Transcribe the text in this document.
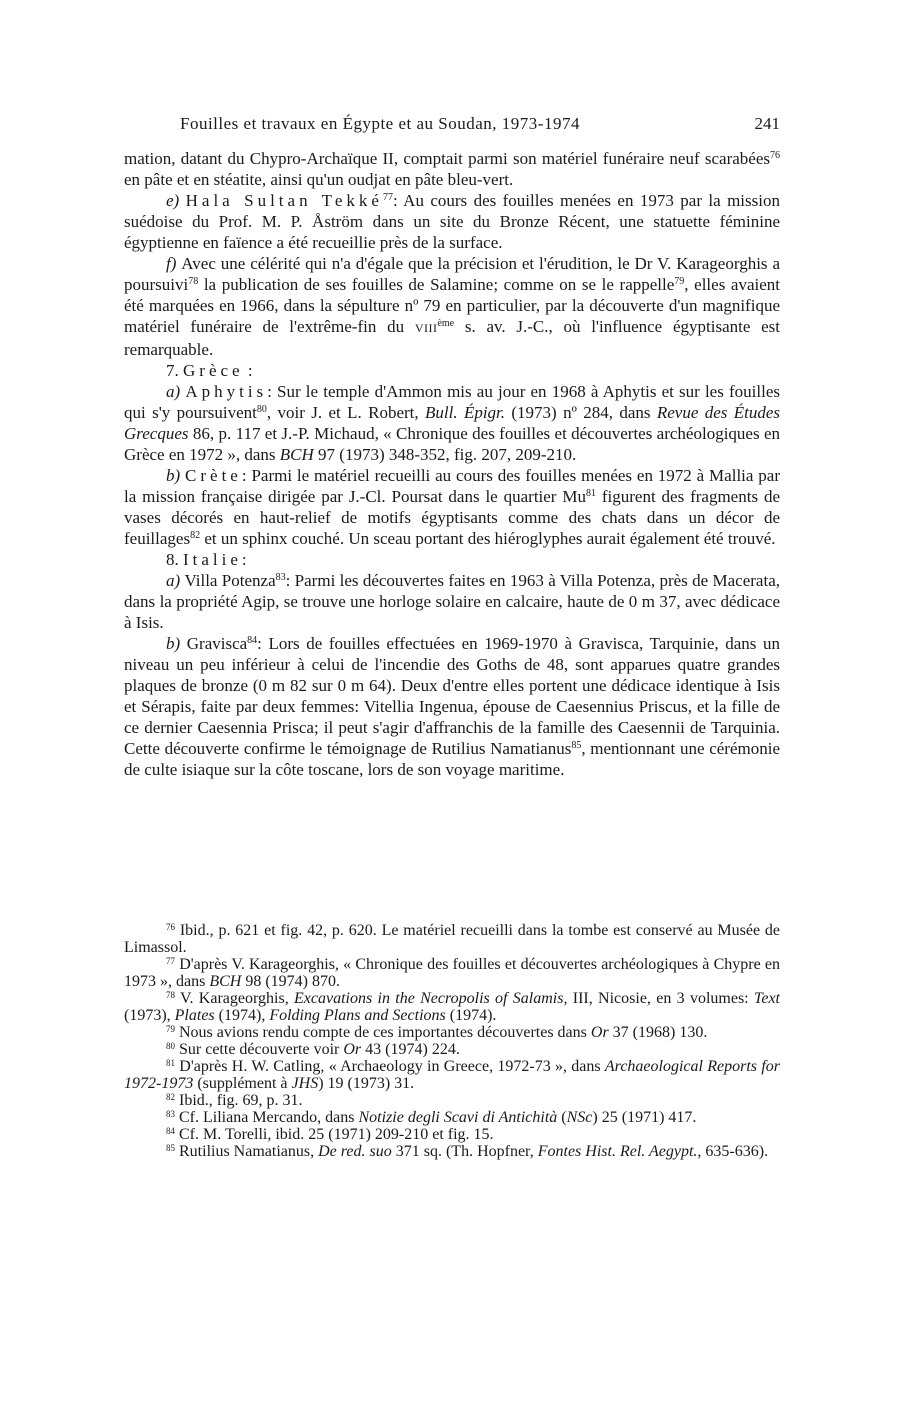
Fouilles et travaux en Égypte et au Soudan, 1973-1974	241

mation, datant du Chypro-Archaïque II, comptait parmi son matériel funéraire neuf scarabées$^{76}$ en pâte et en stéatite, ainsi qu'un oudjat en pâte bleu-vert.

e) Hala Sultan Tekké$^{77}$: Au cours des fouilles menées en 1973 par la mission suédoise du Prof. M. P. Åström dans un site du Bronze Récent, une statuette féminine égyptienne en faïence a été recueillie près de la surface.

f) Avec une célérité qui n'a d'égale que la précision et l'érudition, le Dr V. Karageorghis a poursuivi$^{78}$ la publication de ses fouilles de Salamine; comme on se le rappelle$^{79}$, elles avaient été marquées en 1966, dans la sépulture nº 79 en particulier, par la découverte d'un magnifique matériel funéraire de l'extrême-fin du VIIIème s. av. J.-C., où l'influence égyptisante est remarquable.

7. Grèce :

a) Aphytis: Sur le temple d'Ammon mis au jour en 1968 à Aphytis et sur les fouilles qui s'y poursuivent$^{80}$, voir J. et L. Robert, Bull. Épigr. (1973) nº 284, dans Revue des Études Grecques 86, p. 117 et J.-P. Michaud, « Chronique des fouilles et découvertes archéologiques en Grèce en 1972 », dans BCH 97 (1973) 348-352, fig. 207, 209-210.

b) Crète: Parmi le matériel recueilli au cours des fouilles menées en 1972 à Mallia par la mission française dirigée par J.-Cl. Poursat dans le quartier Mu$^{81}$ figurent des fragments de vases décorés en haut-relief de motifs égyptisants comme des chats dans un décor de feuillages$^{82}$ et un sphinx couché. Un sceau portant des hiéroglyphes aurait également été trouvé.

8. Italie:

a) Villa Potenza$^{83}$: Parmi les découvertes faites en 1963 à Villa Potenza, près de Macerata, dans la propriété Agip, se trouve une horloge solaire en calcaire, haute de 0 m 37, avec dédicace à Isis.

b) Gravisca$^{84}$: Lors de fouilles effectuées en 1969-1970 à Gravisca, Tarquinie, dans un niveau un peu inférieur à celui de l'incendie des Goths de 48, sont apparues quatre grandes plaques de bronze (0 m 82 sur 0 m 64). Deux d'entre elles portent une dédicace identique à Isis et Sérapis, faite par deux femmes: Vitellia Ingenua, épouse de Caesennius Priscus, et la fille de ce dernier Caesennia Prisca; il peut s'agir d'affranchis de la famille des Caesennii de Tarquinia. Cette découverte confirme le témoignage de Rutilius Namatianus$^{85}$, mentionnant une cérémonie de culte isiaque sur la côte toscane, lors de son voyage maritime.

$^{76}$ Ibid., p. 621 et fig. 42, p. 620. Le matériel recueilli dans la tombe est conservé au Musée de Limassol.

$^{77}$ D'après V. Karageorghis, « Chronique des fouilles et découvertes archéologiques à Chypre en 1973 », dans BCH 98 (1974) 870.

$^{78}$ V. Karageorghis, Excavations in the Necropolis of Salamis, III, Nicosie, en 3 volumes: Text (1973), Plates (1974), Folding Plans and Sections (1974).

$^{79}$ Nous avions rendu compte de ces importantes découvertes dans Or 37 (1968) 130.

$^{80}$ Sur cette découverte voir Or 43 (1974) 224.

$^{81}$ D'après H. W. Catling, « Archaeology in Greece, 1972-73 », dans Archaeological Reports for 1972-1973 (supplément à JHS) 19 (1973) 31.

$^{82}$ Ibid., fig. 69, p. 31.

$^{83}$ Cf. Liliana Mercando, dans Notizie degli Scavi di Antichità (NSc) 25 (1971) 417.

$^{84}$ Cf. M. Torelli, ibid. 25 (1971) 209-210 et fig. 15.

$^{85}$ Rutilius Namatianus, De red. suo 371 sq. (Th. Hopfner, Fontes Hist. Rel. Aegypt., 635-636).
